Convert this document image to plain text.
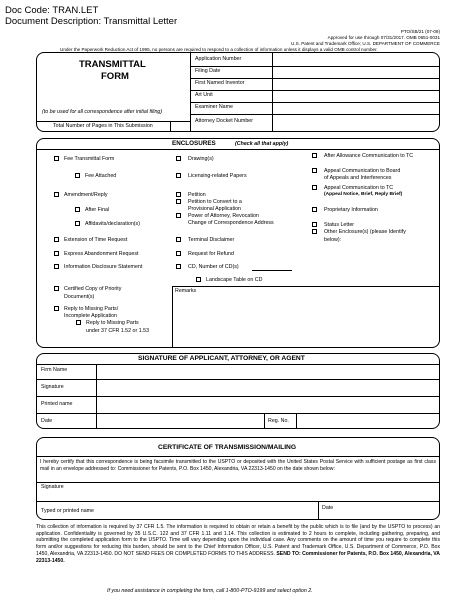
Doc Code: TRAN.LET
Document Description: Transmittal Letter
PTO/SB/21 (07-09)
Approved for use through 07/31/2017. OMB 0651-0031
U.S. Patent and Trademark Office; U.S. DEPARTMENT OF COMMERCE
Under the Paperwork Reduction Act of 1995, no persons are required to respond to a collection of information unless it displays a valid OMB control number.
TRANSMITTAL
FORM
(to be used for all correspondence after initial filing)
Total Number of Pages in This Submission
Application Number
Filing Date
First Named Inventor
Art Unit
Examiner Name
Attorney Docket Number
ENCLOSURES	(Check all that apply)
Fee Transmittal Form
Fee Attached
Amendment/Reply
After Final
Affidavits/declaration(s)
Extension of Time Request
Express Abandonment Request
Information Disclosure Statement
Certified Copy of Priority
Document(s)
Reply to Missing Parts/
Incomplete Application
Reply to Missing Parts
under 37 CFR 1.52 or 1.53
Drawing(s)
Licensing-related Papers
Petition
Petition to Convert to a
Provisional Application
Power of Attorney, Revocation
Change of Correspondence Address
Terminal Disclaimer
Request for Refund
CD, Number of CD(s)
Landscape Table on CD
After Allowance Communication to TC
Appeal Communication to Board
of Appeals and Interferences
Appeal Communication to TC
(Appeal Notice, Brief, Reply Brief)
Proprietary Information
Status Letter
Other Enclosure(s) (please Identify
below):
Remarks
SIGNATURE OF APPLICANT, ATTORNEY, OR AGENT
Firm Name
Signature
Printed name
Date	Reg. No.
CERTIFICATE OF TRANSMISSION/MAILING
I hereby certify that this correspondence is being facsimile transmitted to the USPTO or deposited with the United States Postal Service with sufficient postage as first class mail in an envelope addressed to: Commissioner for Patents, P.O. Box 1450, Alexandria, VA 22313-1450 on the date shown below:
Signature
Typed or printed name	Date
This collection of information is required by 37 CFR 1.5. The information is required to obtain or retain a benefit by the public which is to file (and by the USPTO to process) an application. Confidentiality is governed by 35 U.S.C. 122 and 37 CFR 1.11 and 1.14. This collection is estimated to 2 hours to complete, including gathering, preparing, and submitting the completed application form to the USPTO. Time will vary depending upon the individual case. Any comments on the amount of time you require to complete this form and/or suggestions for reducing this burden, should be sent to the Chief Information Officer, U.S. Patent and Trademark Office, U.S. Department of Commerce, P.O. Box 1450, Alexandria, VA 22313-1450. DO NOT SEND FEES OR COMPLETED FORMS TO THIS ADDRESS. SEND TO: Commissioner for Patents, P.O. Box 1450, Alexandria, VA 22313-1450.
If you need assistance in completing the form, call 1-800-PTO-9199 and select option 2.
